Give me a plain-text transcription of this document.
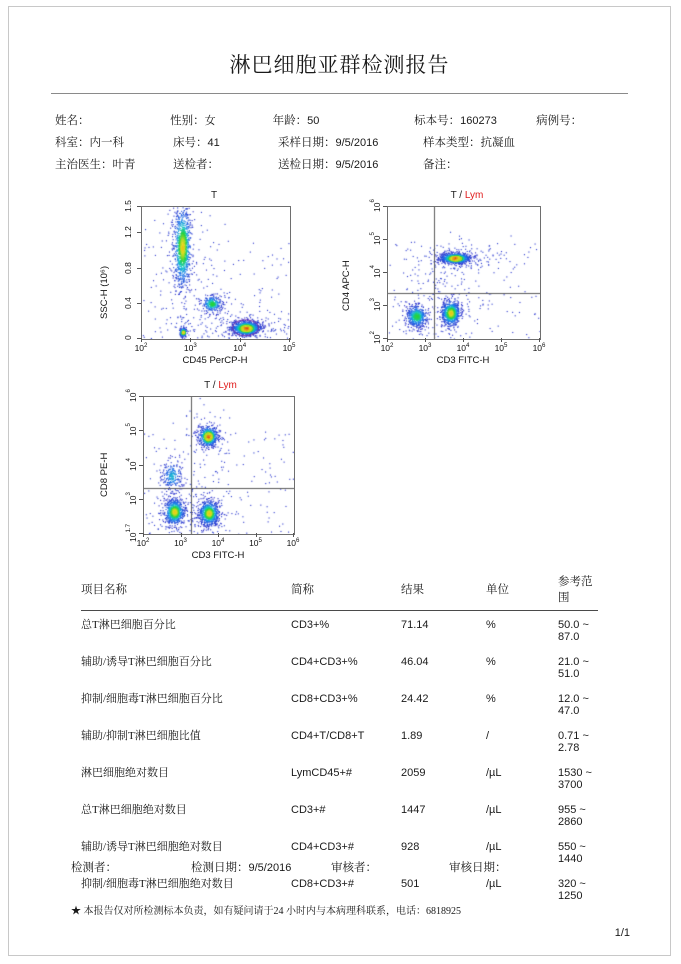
淋巴细胞亚群检测报告
姓名：	性别：女	年龄：50	标本号：160273	病例号：
科室：内一科	床号：41	采样日期：9/5/2016	样本类型：抗凝血
主治医生：叶青	送检者：	送检日期：9/5/2016	备注：
T
SSC-H (10⁶)
CD45 PerCP-H
0
0.4
0.8
1.2
1.5
$10^2$	$10^3$	$10^4$	$10^5$
T / Lym
CD4 APC-H
CD3 FITC-H
$10^2$
$10^3$
$10^4$
$10^5$
$10^6$
$10^2$	$10^3$	$10^4$	$10^5$	$10^6$
T / Lym
CD8 PE-H
CD3 FITC-H
$10^{1.7}$
$10^3$
$10^4$
$10^5$
$10^6$
$10^2$	$10^3$	$10^4$	$10^5$	$10^6$
项目名称	简称	结果	单位	参考范围
总T淋巴细胞百分比	CD3+%	71.14	%	50.0 ~ 87.0
辅助/诱导T淋巴细胞百分比	CD4+CD3+%	46.04	%	21.0 ~ 51.0
抑制/细胞毒T淋巴细胞百分比	CD8+CD3+%	24.42	%	12.0 ~ 47.0
辅助/抑制T淋巴细胞比值	CD4+T/CD8+T	1.89	/	0.71 ~ 2.78
淋巴细胞绝对数目	LymCD45+#	2059	/µL	1530 ~ 3700
总T淋巴细胞绝对数目	CD3+#	1447	/µL	955 ~ 2860
辅助/诱导T淋巴细胞绝对数目	CD4+CD3+#	928	/µL	550 ~ 1440
抑制/细胞毒T淋巴细胞绝对数目	CD8+CD3+#	501	/µL	320 ~ 1250
检测者：	检测日期：9/5/2016	审核者：	审核日期：
★ 本报告仅对所检测标本负责，如有疑问请于24 小时内与本病理科联系，电话：6818925
1/1
